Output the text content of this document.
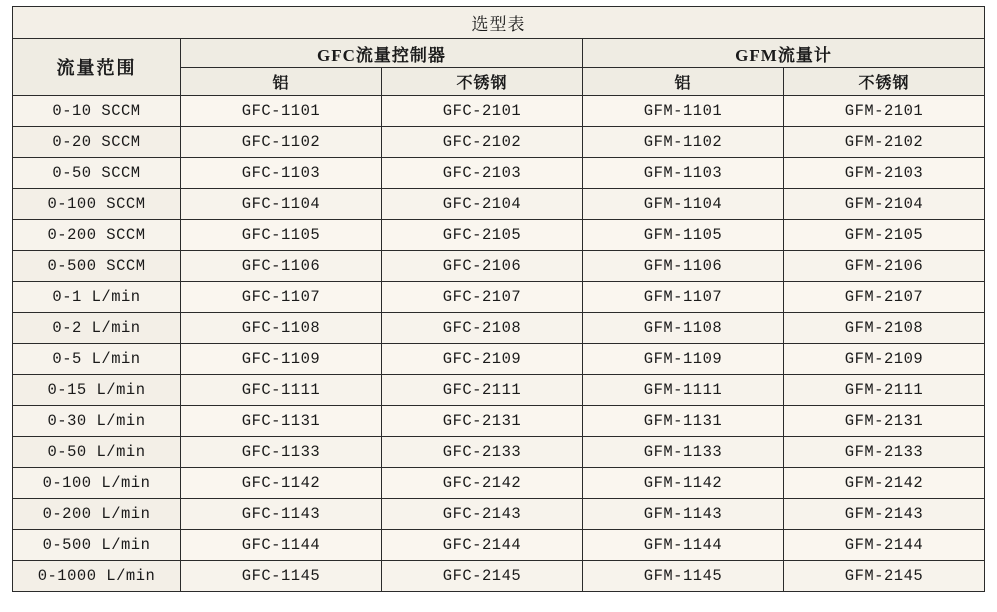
选型表				
流量范围	GFC流量控制器		GFM流量计	
	铝	不锈钢	铝	不锈钢
0-10 SCCM	GFC-1101	GFC-2101	GFM-1101	GFM-2101
0-20 SCCM	GFC-1102	GFC-2102	GFM-1102	GFM-2102
0-50 SCCM	GFC-1103	GFC-2103	GFM-1103	GFM-2103
0-100 SCCM	GFC-1104	GFC-2104	GFM-1104	GFM-2104
0-200 SCCM	GFC-1105	GFC-2105	GFM-1105	GFM-2105
0-500 SCCM	GFC-1106	GFC-2106	GFM-1106	GFM-2106
0-1 L/min	GFC-1107	GFC-2107	GFM-1107	GFM-2107
0-2 L/min	GFC-1108	GFC-2108	GFM-1108	GFM-2108
0-5 L/min	GFC-1109	GFC-2109	GFM-1109	GFM-2109
0-15 L/min	GFC-1111	GFC-2111	GFM-1111	GFM-2111
0-30 L/min	GFC-1131	GFC-2131	GFM-1131	GFM-2131
0-50 L/min	GFC-1133	GFC-2133	GFM-1133	GFM-2133
0-100 L/min	GFC-1142	GFC-2142	GFM-1142	GFM-2142
0-200 L/min	GFC-1143	GFC-2143	GFM-1143	GFM-2143
0-500 L/min	GFC-1144	GFC-2144	GFM-1144	GFM-2144
0-1000 L/min	GFC-1145	GFC-2145	GFM-1145	GFM-2145
